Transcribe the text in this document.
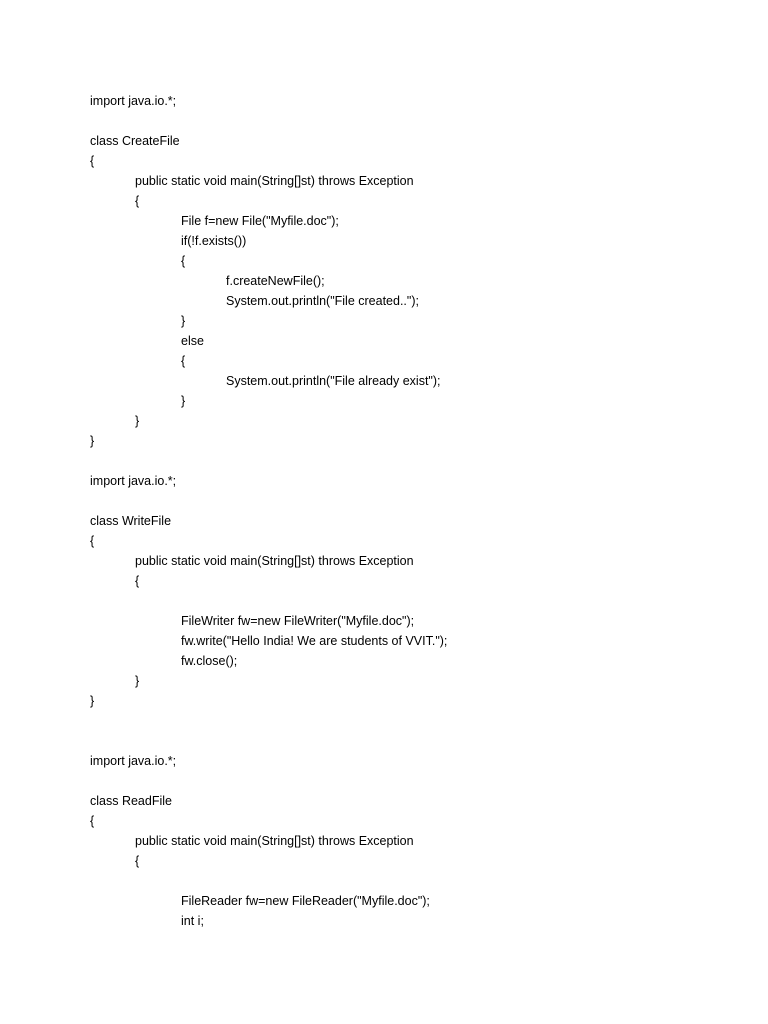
import java.io.*;
class CreateFile
{
public static void main(String[]st) throws Exception
{
File f=new File("Myfile.doc");
if(!f.exists())
{
f.createNewFile();
System.out.println("File created..");
}
else
{
System.out.println("File already exist");
}
}
}
import java.io.*;
class WriteFile
{
public static void main(String[]st) throws Exception
{
FileWriter fw=new FileWriter("Myfile.doc");
fw.write("Hello India! We are students of VVIT.");
fw.close();
}
}
import java.io.*;
class ReadFile
{
public static void main(String[]st) throws Exception
{
FileReader fw=new FileReader("Myfile.doc");
int i;
